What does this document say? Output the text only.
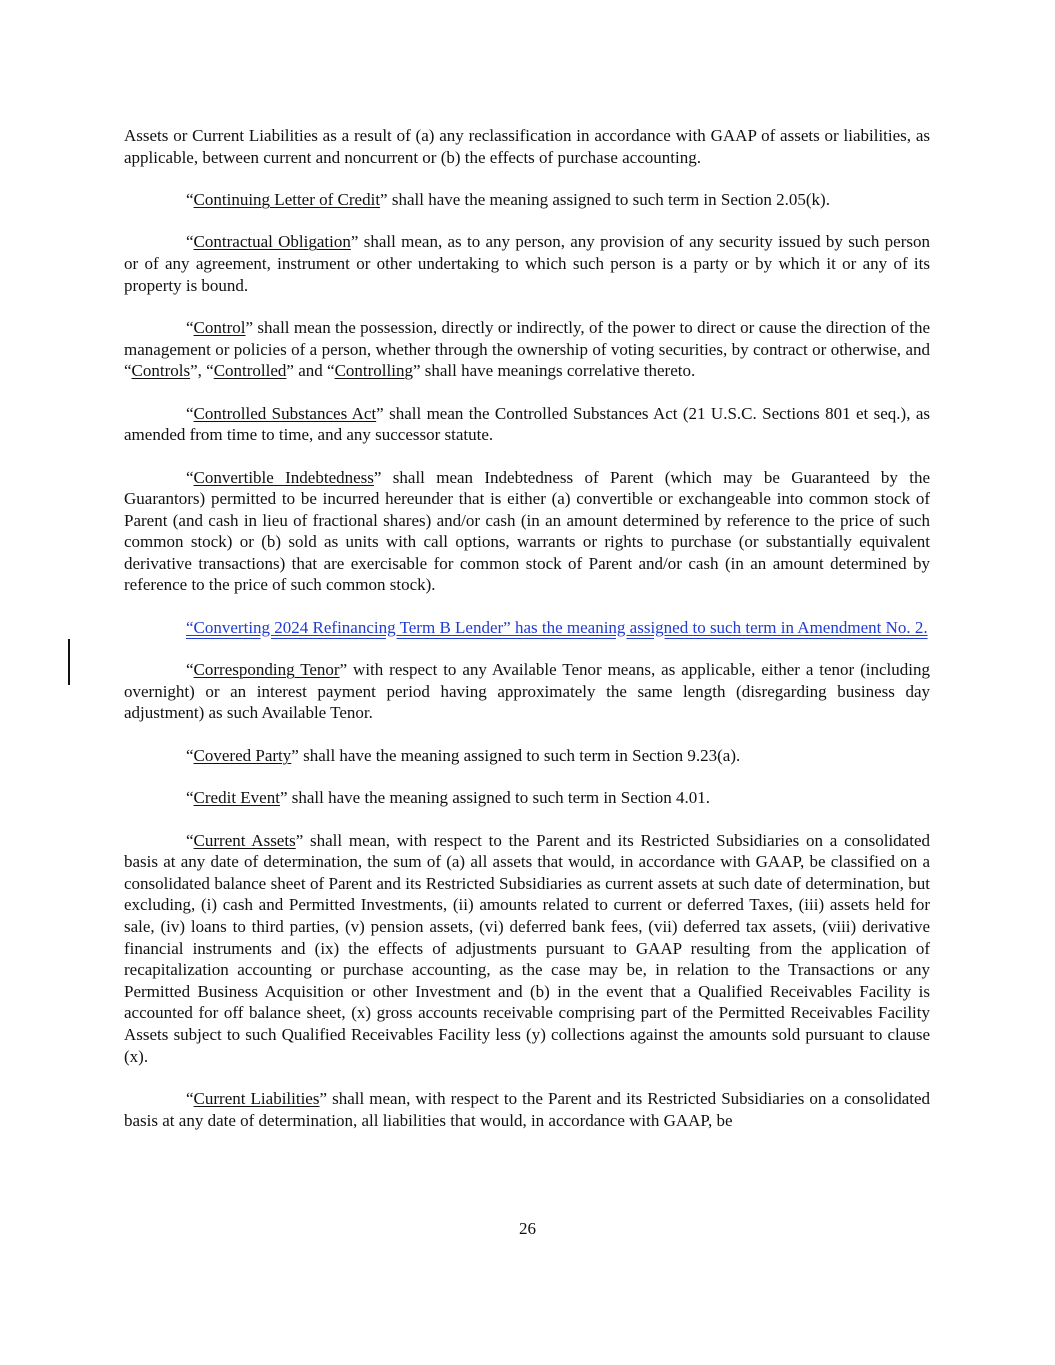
Assets or Current Liabilities as a result of (a) any reclassification in accordance with GAAP of assets or liabilities, as applicable, between current and noncurrent or (b) the effects of purchase accounting.

“Continuing Letter of Credit” shall have the meaning assigned to such term in Section 2.05(k).

“Contractual Obligation” shall mean, as to any person, any provision of any security issued by such person or of any agreement, instrument or other undertaking to which such person is a party or by which it or any of its property is bound.

“Control” shall mean the possession, directly or indirectly, of the power to direct or cause the direction of the management or policies of a person, whether through the ownership of voting securities, by contract or otherwise, and “Controls”, “Controlled” and “Controlling” shall have meanings correlative thereto.

“Controlled Substances Act” shall mean the Controlled Substances Act (21 U.S.C. Sections 801 et seq.), as amended from time to time, and any successor statute.

“Convertible Indebtedness” shall mean Indebtedness of Parent (which may be Guaranteed by the Guarantors) permitted to be incurred hereunder that is either (a) convertible or exchangeable into common stock of Parent (and cash in lieu of fractional shares) and/or cash (in an amount determined by reference to the price of such common stock) or (b) sold as units with call options, warrants or rights to purchase (or substantially equivalent derivative transactions) that are exercisable for common stock of Parent and/or cash (in an amount determined by reference to the price of such common stock).

“Converting 2024 Refinancing Term B Lender” has the meaning assigned to such term in Amendment No. 2.

“Corresponding Tenor” with respect to any Available Tenor means, as applicable, either a tenor (including overnight) or an interest payment period having approximately the same length (disregarding business day adjustment) as such Available Tenor.

“Covered Party” shall have the meaning assigned to such term in Section 9.23(a).

“Credit Event” shall have the meaning assigned to such term in Section 4.01.

“Current Assets” shall mean, with respect to the Parent and its Restricted Subsidiaries on a consolidated basis at any date of determination, the sum of (a) all assets that would, in accordance with GAAP, be classified on a consolidated balance sheet of Parent and its Restricted Subsidiaries as current assets at such date of determination, but excluding, (i) cash and Permitted Investments, (ii) amounts related to current or deferred Taxes, (iii) assets held for sale, (iv) loans to third parties, (v) pension assets, (vi) deferred bank fees, (vii) deferred tax assets, (viii) derivative financial instruments and (ix) the effects of adjustments pursuant to GAAP resulting from the application of recapitalization accounting or purchase accounting, as the case may be, in relation to the Transactions or any Permitted Business Acquisition or other Investment and (b) in the event that a Qualified Receivables Facility is accounted for off balance sheet, (x) gross accounts receivable comprising part of the Permitted Receivables Facility Assets subject to such Qualified Receivables Facility less (y) collections against the amounts sold pursuant to clause (x).

“Current Liabilities” shall mean, with respect to the Parent and its Restricted Subsidiaries on a consolidated basis at any date of determination, all liabilities that would, in accordance with GAAP, be

26
